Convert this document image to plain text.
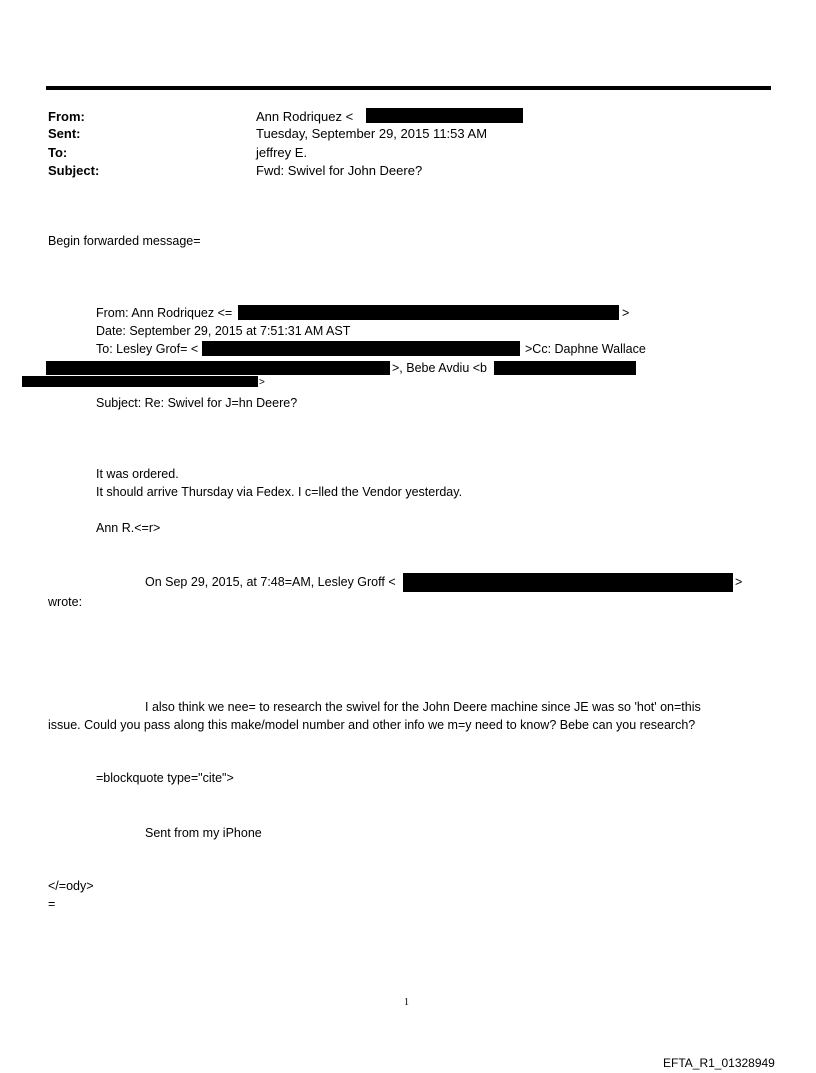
From:	Ann Rodriquez <
Sent:	Tuesday, September 29, 2015 11:53 AM
To:	jeffrey E.
Subject:	Fwd: Swivel for John Deere?
Begin forwarded message=
From: Ann Rodriquez <=	>
Date: September 29, 2015 at 7:51:31 AM AST
To: Lesley Grof= <	>Cc: Daphne Wallace
>, Bebe Avdiu <b
>
Subject: Re: Swivel for J=hn Deere?
It was ordered.
It should arrive Thursday via Fedex. I c=lled the Vendor yesterday.
Ann R.<=r>
On Sep 29, 2015, at 7:48=AM, Lesley Groff <	>
wrote:
I also think we nee= to research the swivel for the John Deere machine since JE was so 'hot' on=this
issue. Could you pass along this make/model number and other info we m=y need to know? Bebe can you research?
=blockquote type="cite">
Sent from my iPhone
</=ody>
=
1
EFTA_R1_01328949
